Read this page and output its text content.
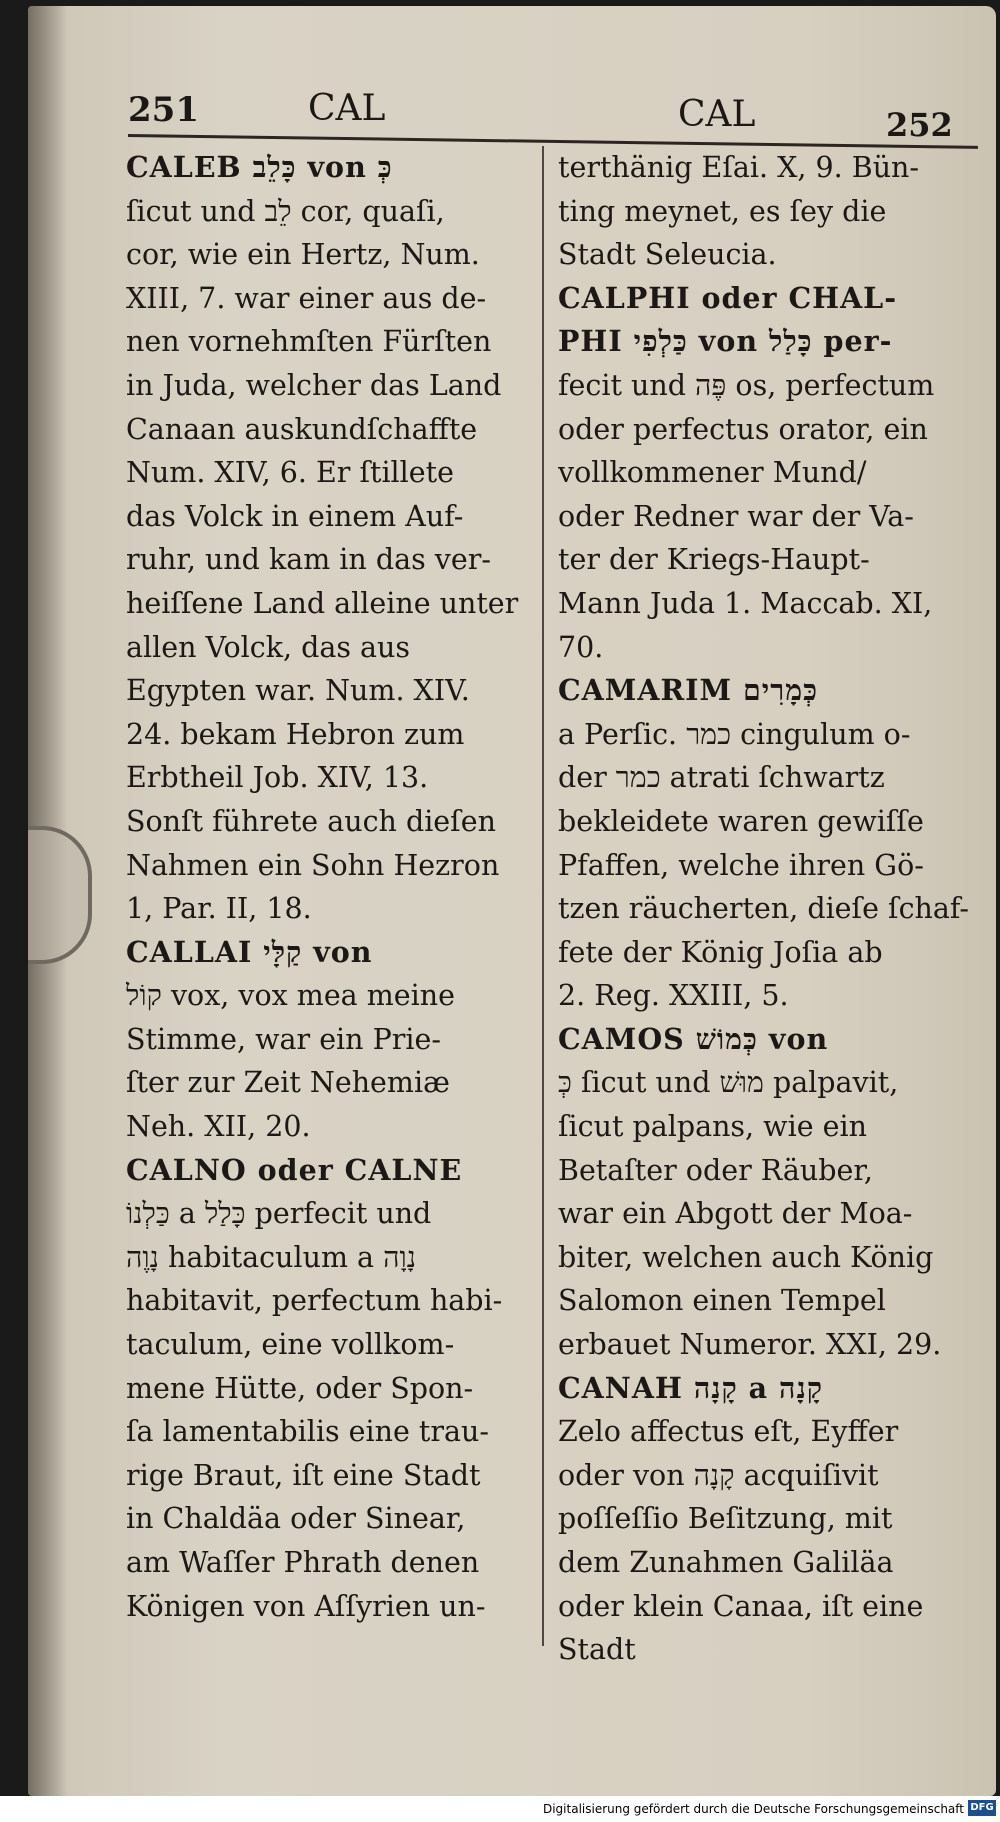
251	CAL	CAL	252
CALEB כָּלֵב von כְּ
ſicut und לֵב cor, quaſi,
cor, wie ein Hertz, Num.
XIII, 7. war einer aus de-
nen vornehmſten Fürſten
in Juda, welcher das Land
Canaan auskundſchaffte
Num. XIV, 6. Er ſtillete
das Volck in einem Auf-
ruhr, und kam in das ver-
heiſſene Land alleine unter
allen Volck, das aus
Egypten war. Num. XIV.
24. bekam Hebron zum
Erbtheil Job. XIV, 13.
Sonſt führete auch dieſen
Nahmen ein Sohn Hezron
1, Par. II, 18.
CALLAI קַלָּי von
קוֹל vox, vox mea meine
Stimme, war ein Prie-
ſter zur Zeit Nehemiæ
Neh. XII, 20.
CALNO oder CALNE
כַּלְנוֹ a כָּלַל perfecit und
נָוֶה habitaculum a נָוָה
habitavit, perfectum habi-
taculum, eine vollkom-
mene Hütte, oder Spon-
ſa lamentabilis eine trau-
rige Braut, iſt eine Stadt
in Chaldäa oder Sinear,
am Waſſer Phrath denen
Königen von Aſſyrien un-
terthänig Eſai. X, 9. Bün-
ting meynet, es ſey die
Stadt Seleucia.
CALPHI oder CHAL-
PHI כַּלְפִי von כָּלַל per-
fecit und פֶּה os, perfectum
oder perfectus orator, ein
vollkommener Mund/
oder Redner war der Va-
ter der Kriegs-Haupt-
Mann Juda 1. Maccab. XI,
70.
CAMARIM כְּמָרִים
a Perſic. כמר cingulum o-
der כמר atrati ſchwartz
bekleidete waren gewiſſe
Pfaffen, welche ihren Gö-
tzen räucherten, dieſe ſchaf-
fete der König Joſia ab
2. Reg. XXIII, 5.
CAMOS כְּמוֹשׁ von
כְּ ſicut und מוּשׁ palpavit,
ſicut palpans, wie ein
Betaſter oder Räuber,
war ein Abgott der Moa-
biter, welchen auch König
Salomon einen Tempel
erbauet Numeror. XXI, 29.
CANAH קָנָה a קָנָה
Zelo affectus eſt, Eyffer
oder von קָנָה acquiſivit
poſſeſſio Beſitzung, mit
dem Zunahmen Galiläa
oder klein Canaa, iſt eine
Stadt
Digitalisierung gefördert durch die Deutsche Forschungsgemeinschaft DFG
